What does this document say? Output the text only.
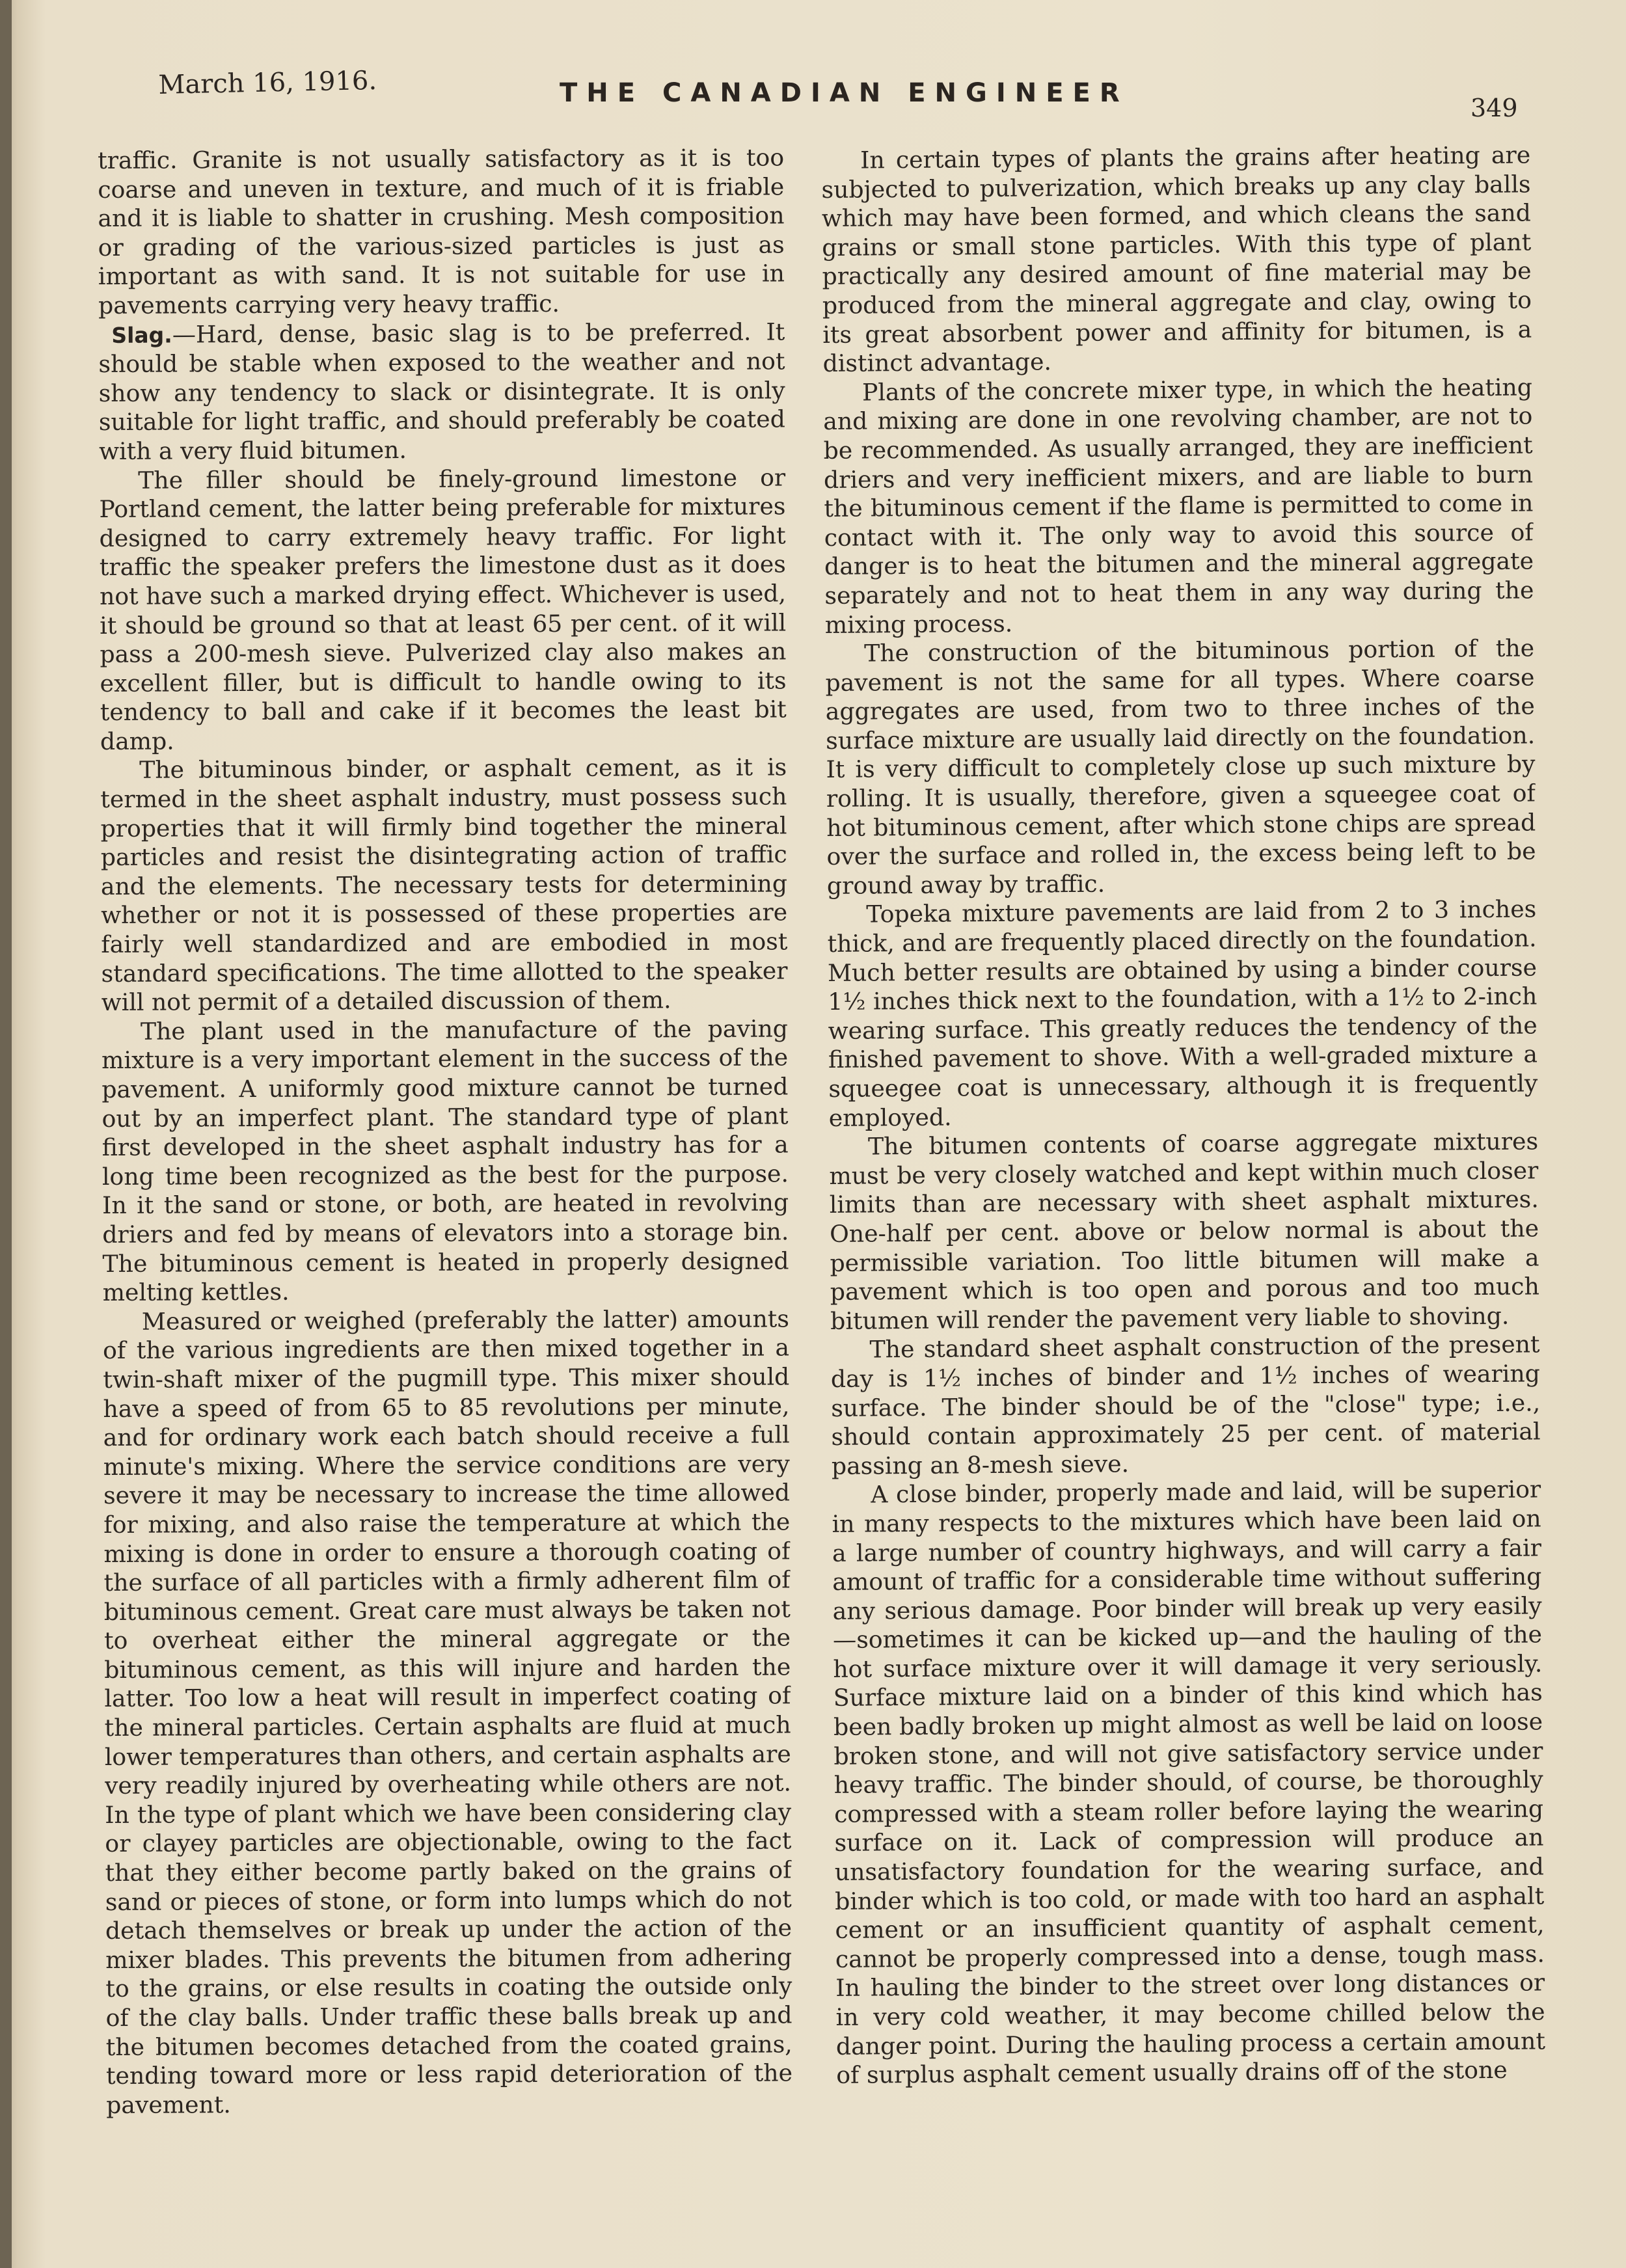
March 16, 1916.	THE CANADIAN ENGINEER	349

traffic. Granite is not usually satisfactory as it is too coarse and uneven in texture, and much of it is friable and it is liable to shatter in crushing. Mesh composition or grading of the various-sized particles is just as important as with sand. It is not suitable for use in pavements carrying very heavy traffic.

Slag.—Hard, dense, basic slag is to be preferred. It should be stable when exposed to the weather and not show any tendency to slack or disintegrate. It is only suitable for light traffic, and should preferably be coated with a very fluid bitumen.

The filler should be finely-ground limestone or Portland cement, the latter being preferable for mixtures designed to carry extremely heavy traffic. For light traffic the speaker prefers the limestone dust as it does not have such a marked drying effect. Whichever is used, it should be ground so that at least 65 per cent. of it will pass a 200-mesh sieve. Pulverized clay also makes an excellent filler, but is difficult to handle owing to its tendency to ball and cake if it becomes the least bit damp.

The bituminous binder, or asphalt cement, as it is termed in the sheet asphalt industry, must possess such properties that it will firmly bind together the mineral particles and resist the disintegrating action of traffic and the elements. The necessary tests for determining whether or not it is possessed of these properties are fairly well standardized and are embodied in most standard specifications. The time allotted to the speaker will not permit of a detailed discussion of them.

The plant used in the manufacture of the paving mixture is a very important element in the success of the pavement. A uniformly good mixture cannot be turned out by an imperfect plant. The standard type of plant first developed in the sheet asphalt industry has for a long time been recognized as the best for the purpose. In it the sand or stone, or both, are heated in revolving driers and fed by means of elevators into a storage bin. The bituminous cement is heated in properly designed melting kettles.

Measured or weighed (preferably the latter) amounts of the various ingredients are then mixed together in a twin-shaft mixer of the pugmill type. This mixer should have a speed of from 65 to 85 revolutions per minute, and for ordinary work each batch should receive a full minute's mixing. Where the service conditions are very severe it may be necessary to increase the time allowed for mixing, and also raise the temperature at which the mixing is done in order to ensure a thorough coating of the surface of all particles with a firmly adherent film of bituminous cement. Great care must always be taken not to overheat either the mineral aggregate or the bituminous cement, as this will injure and harden the latter. Too low a heat will result in imperfect coating of the mineral particles. Certain asphalts are fluid at much lower temperatures than others, and certain asphalts are very readily injured by overheating while others are not. In the type of plant which we have been considering clay or clayey particles are objectionable, owing to the fact that they either become partly baked on the grains of sand or pieces of stone, or form into lumps which do not detach themselves or break up under the action of the mixer blades. This prevents the bitumen from adhering to the grains, or else results in coating the outside only of the clay balls. Under traffic these balls break up and the bitumen becomes detached from the coated grains, tending toward more or less rapid deterioration of the pavement.

In certain types of plants the grains after heating are subjected to pulverization, which breaks up any clay balls which may have been formed, and which cleans the sand grains or small stone particles. With this type of plant practically any desired amount of fine material may be produced from the mineral aggregate and clay, owing to its great absorbent power and affinity for bitumen, is a distinct advantage.

Plants of the concrete mixer type, in which the heating and mixing are done in one revolving chamber, are not to be recommended. As usually arranged, they are inefficient driers and very inefficient mixers, and are liable to burn the bituminous cement if the flame is permitted to come in contact with it. The only way to avoid this source of danger is to heat the bitumen and the mineral aggregate separately and not to heat them in any way during the mixing process.

The construction of the bituminous portion of the pavement is not the same for all types. Where coarse aggregates are used, from two to three inches of the surface mixture are usually laid directly on the foundation. It is very difficult to completely close up such mixture by rolling. It is usually, therefore, given a squeegee coat of hot bituminous cement, after which stone chips are spread over the surface and rolled in, the excess being left to be ground away by traffic.

Topeka mixture pavements are laid from 2 to 3 inches thick, and are frequently placed directly on the foundation. Much better results are obtained by using a binder course 1½ inches thick next to the foundation, with a 1½ to 2-inch wearing surface. This greatly reduces the tendency of the finished pavement to shove. With a well-graded mixture a squeegee coat is unnecessary, although it is frequently employed.

The bitumen contents of coarse aggregate mixtures must be very closely watched and kept within much closer limits than are necessary with sheet asphalt mixtures. One-half per cent. above or below normal is about the permissible variation. Too little bitumen will make a pavement which is too open and porous and too much bitumen will render the pavement very liable to shoving.

The standard sheet asphalt construction of the present day is 1½ inches of binder and 1½ inches of wearing surface. The binder should be of the "close" type; i.e., should contain approximately 25 per cent. of material passing an 8-mesh sieve.

A close binder, properly made and laid, will be superior in many respects to the mixtures which have been laid on a large number of country highways, and will carry a fair amount of traffic for a considerable time without suffering any serious damage. Poor binder will break up very easily—sometimes it can be kicked up—and the hauling of the hot surface mixture over it will damage it very seriously. Surface mixture laid on a binder of this kind which has been badly broken up might almost as well be laid on loose broken stone, and will not give satisfactory service under heavy traffic. The binder should, of course, be thoroughly compressed with a steam roller before laying the wearing surface on it. Lack of compression will produce an unsatisfactory foundation for the wearing surface, and binder which is too cold, or made with too hard an asphalt cement or an insufficient quantity of asphalt cement, cannot be properly compressed into a dense, tough mass. In hauling the binder to the street over long distances or in very cold weather, it may become chilled below the danger point. During the hauling process a certain amount of surplus asphalt cement usually drains off of the stone
